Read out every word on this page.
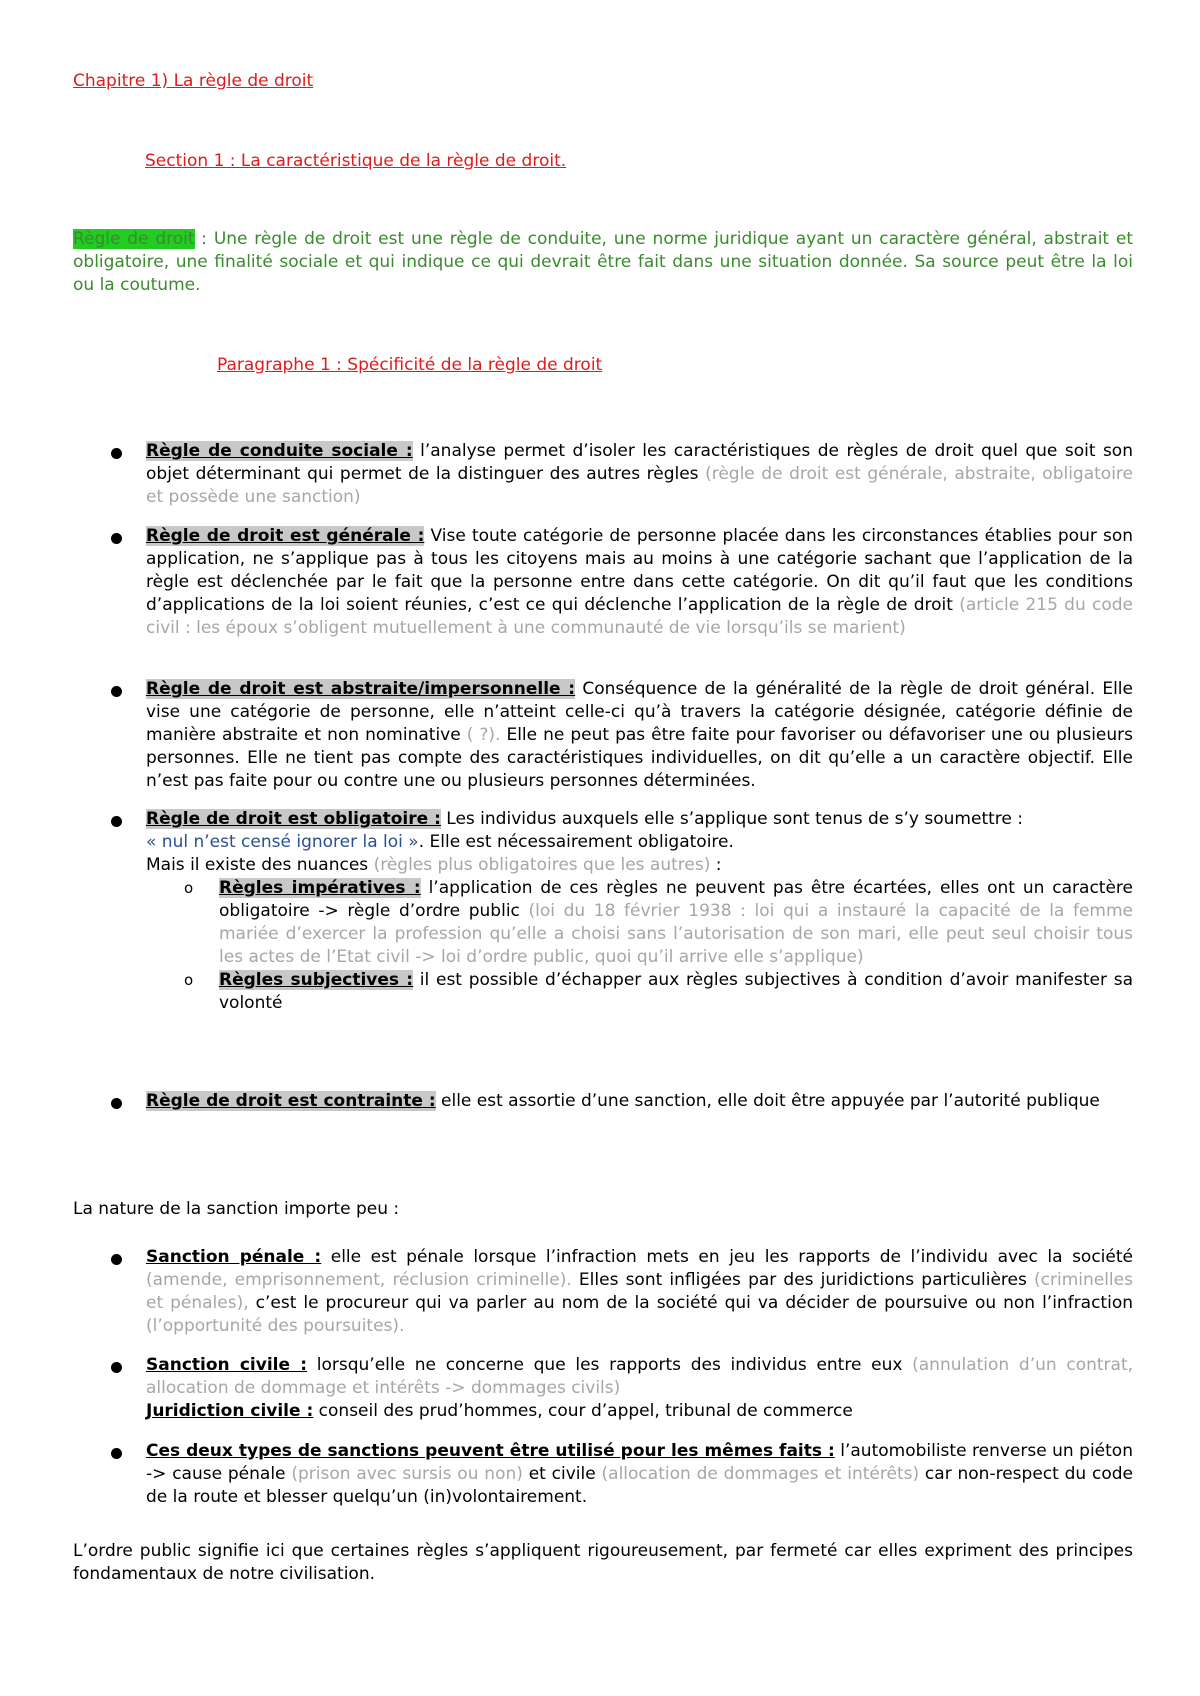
Chapitre 1) La règle de droit

Section 1 : La caractéristique de la règle de droit.

Règle de droit : Une règle de droit est une règle de conduite, une norme juridique ayant un caractère général, abstrait et obligatoire, une finalité sociale et qui indique ce qui devrait être fait dans une situation donnée. Sa source peut être la loi ou la coutume.

Paragraphe 1 : Spécificité de la règle de droit

Règle de conduite sociale : l’analyse permet d’isoler les caractéristiques de règles de droit quel que soit son objet déterminant qui permet de la distinguer des autres règles (règle de droit est générale, abstraite, obligatoire et possède une sanction)
Règle de droit est générale : Vise toute catégorie de personne placée dans les circonstances établies pour son application, ne s’applique pas à tous les citoyens mais au moins à une catégorie sachant que l’application de la règle est déclenchée par le fait que la personne entre dans cette catégorie. On dit qu’il faut que les conditions d’applications de la loi soient réunies, c’est ce qui déclenche l’application de la règle de droit (article 215 du code civil : les époux s’obligent mutuellement à une communauté de vie lorsqu’ils se marient)
Règle de droit est abstraite/impersonnelle : Conséquence de la généralité de la règle de droit général. Elle vise une catégorie de personne, elle n’atteint celle-ci qu’à travers la catégorie désignée, catégorie définie de manière abstraite et non nominative ( ?). Elle ne peut pas être faite pour favoriser ou défavoriser une ou plusieurs personnes. Elle ne tient pas compte des caractéristiques individuelles, on dit qu’elle a un caractère objectif. Elle n’est pas faite pour ou contre une ou plusieurs personnes déterminées.
Règle de droit est obligatoire : Les individus auxquels elle s’applique sont tenus de s’y soumettre :
« nul n’est censé ignorer la loi ». Elle est nécessairement obligatoire.
Mais il existe des nuances (règles plus obligatoires que les autres) :
o Règles impératives : l’application de ces règles ne peuvent pas être écartées, elles ont un caractère obligatoire -> règle d’ordre public (loi du 18 février 1938 : loi qui a instauré la capacité de la femme mariée d’exercer la profession qu’elle a choisi sans l’autorisation de son mari, elle peut seul choisir tous les actes de l’Etat civil -> loi d’ordre public, quoi qu’il arrive elle s’applique)
o Règles subjectives : il est possible d’échapper aux règles subjectives à condition d’avoir manifester sa volonté
Règle de droit est contrainte : elle est assortie d’une sanction, elle doit être appuyée par l’autorité publique

La nature de la sanction importe peu :

Sanction pénale : elle est pénale lorsque l’infraction mets en jeu les rapports de l’individu avec la société (amende, emprisonnement, réclusion criminelle). Elles sont infligées par des juridictions particulières (criminelles et pénales), c’est le procureur qui va parler au nom de la société qui va décider de poursuive ou non l’infraction (l’opportunité des poursuites).
Sanction civile : lorsqu’elle ne concerne que les rapports des individus entre eux (annulation d’un contrat, allocation de dommage et intérêts -> dommages civils)
Juridiction civile : conseil des prud’hommes, cour d’appel, tribunal de commerce
Ces deux types de sanctions peuvent être utilisé pour les mêmes faits : l’automobiliste renverse un piéton -> cause pénale (prison avec sursis ou non) et civile (allocation de dommages et intérêts) car non-respect du code de la route et blesser quelqu’un (in)volontairement.

L’ordre public signifie ici que certaines règles s’appliquent rigoureusement, par fermeté car elles expriment des principes fondamentaux de notre civilisation.
